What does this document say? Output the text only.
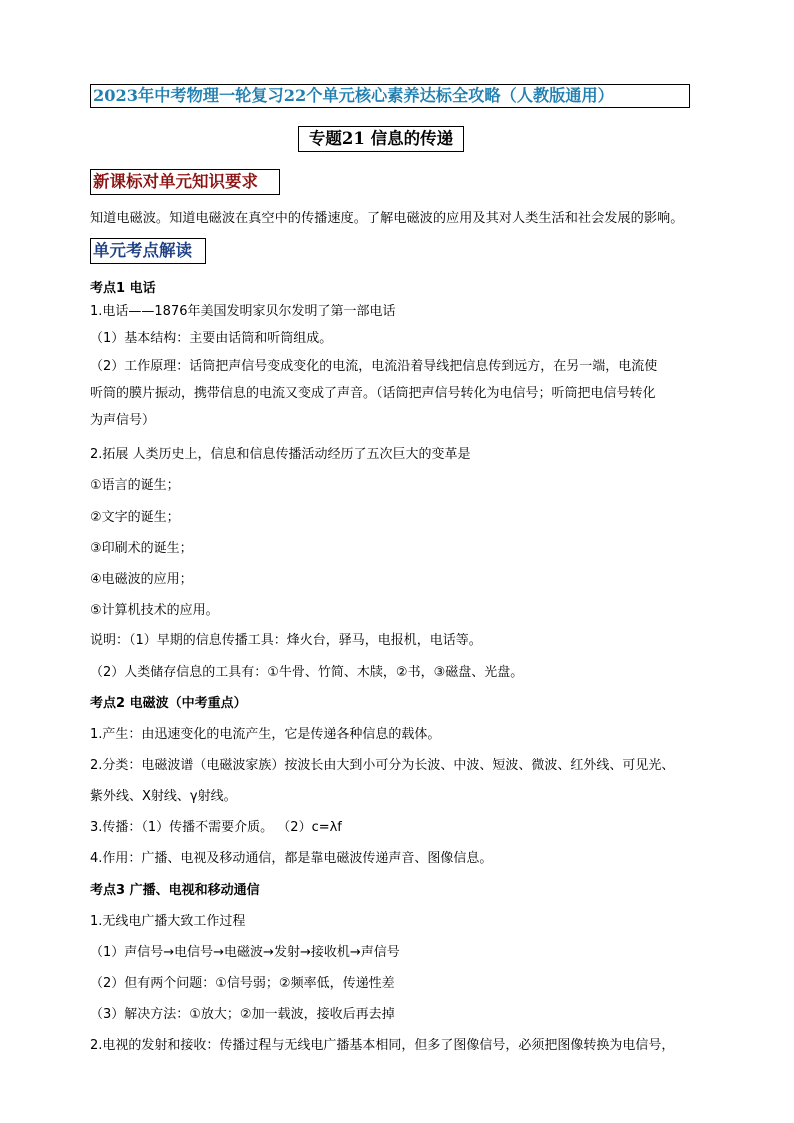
2023年中考物理一轮复习22个单元核心素养达标全攻略（人教版通用）
专题21 信息的传递
新课标对单元知识要求
知道电磁波。知道电磁波在真空中的传播速度。了解电磁波的应用及其对人类生活和社会发展的影响。
单元考点解读
考点1 电话
1.电话——1876年美国发明家贝尔发明了第一部电话
（1）基本结构：主要由话筒和听筒组成。
（2）工作原理：话筒把声信号变成变化的电流，电流沿着导线把信息传到远方，在另一端，电流使
听筒的膜片振动，携带信息的电流又变成了声音。（话筒把声信号转化为电信号；听筒把电信号转化
为声信号）
2.拓展 人类历史上，信息和信息传播活动经历了五次巨大的变革是
①语言的诞生；
②文字的诞生；
③印刷术的诞生；
④电磁波的应用；
⑤计算机技术的应用。
说明：（1）早期的信息传播工具：烽火台，驿马，电报机，电话等。
（2）人类储存信息的工具有：①牛骨、竹简、木牍，②书，③磁盘、光盘。
考点2 电磁波（中考重点）
1.产生：由迅速变化的电流产生，它是传递各种信息的载体。
2.分类：电磁波谱（电磁波家族）按波长由大到小可分为长波、中波、短波、微波、红外线、可见光、
紫外线、X射线、γ射线。
3.传播：（1）传播不需要介质。 （2）c=λf
4.作用：广播、电视及移动通信，都是靠电磁波传递声音、图像信息。
考点3 广播、电视和移动通信
1.无线电广播大致工作过程
（1）声信号→电信号→电磁波→发射→接收机→声信号
（2）但有两个问题：①信号弱；②频率低，传递性差
（3）解决方法：①放大；②加一载波，接收后再去掉
2.电视的发射和接收：传播过程与无线电广播基本相同，但多了图像信号，必须把图像转换为电信号，
